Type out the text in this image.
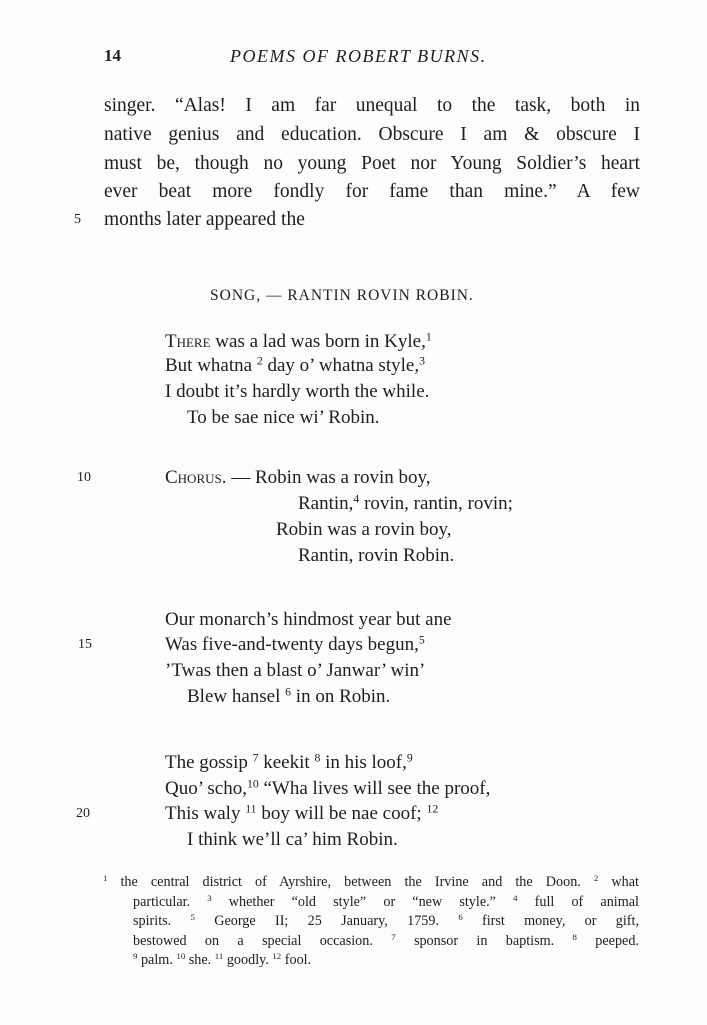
14	POEMS OF ROBERT BURNS.
singer. “Alas! I am far unequal to the task, both in
native genius and education. Obscure I am & obscure I
must be, though no young Poet nor Young Soldier’s heart
ever beat more fondly for fame than mine.” A few
months later appeared the
SONG, — RANTIN ROVIN ROBIN.
There was a lad was born in Kyle,$^1$
But whatna $^2$ day o’ whatna style,$^3$
I doubt it’s hardly worth the while.
To be sae nice wi’ Robin.
Chorus. — Robin was a rovin boy,
Rantin,$^4$ rovin, rantin, rovin;
Robin was a rovin boy,
Rantin, rovin Robin.
Our monarch’s hindmost year but ane
Was five-and-twenty days begun,$^5$
’Twas then a blast o’ Janwar’ win’
Blew hansel $^6$ in on Robin.
The gossip $^7$ keekit $^8$ in his loof,$^9$
Quo’ scho,$^{10}$ “Wha lives will see the proof,
This waly $^{11}$ boy will be nae coof; $^{12}$
I think we’ll ca’ him Robin.
5
10
15
20
$^1$ the central district of Ayrshire, between the Irvine and the Doon. $^2$ what
particular. $^3$ whether “old style” or “new style.” $^4$ full of animal
spirits. $^5$ George II; 25 January, 1759. $^6$ first money, or gift,
bestowed on a special occasion. $^7$ sponsor in baptism. $^8$ peeped.
$^9$ palm. $^{10}$ she. $^{11}$ goodly. $^{12}$ fool.
